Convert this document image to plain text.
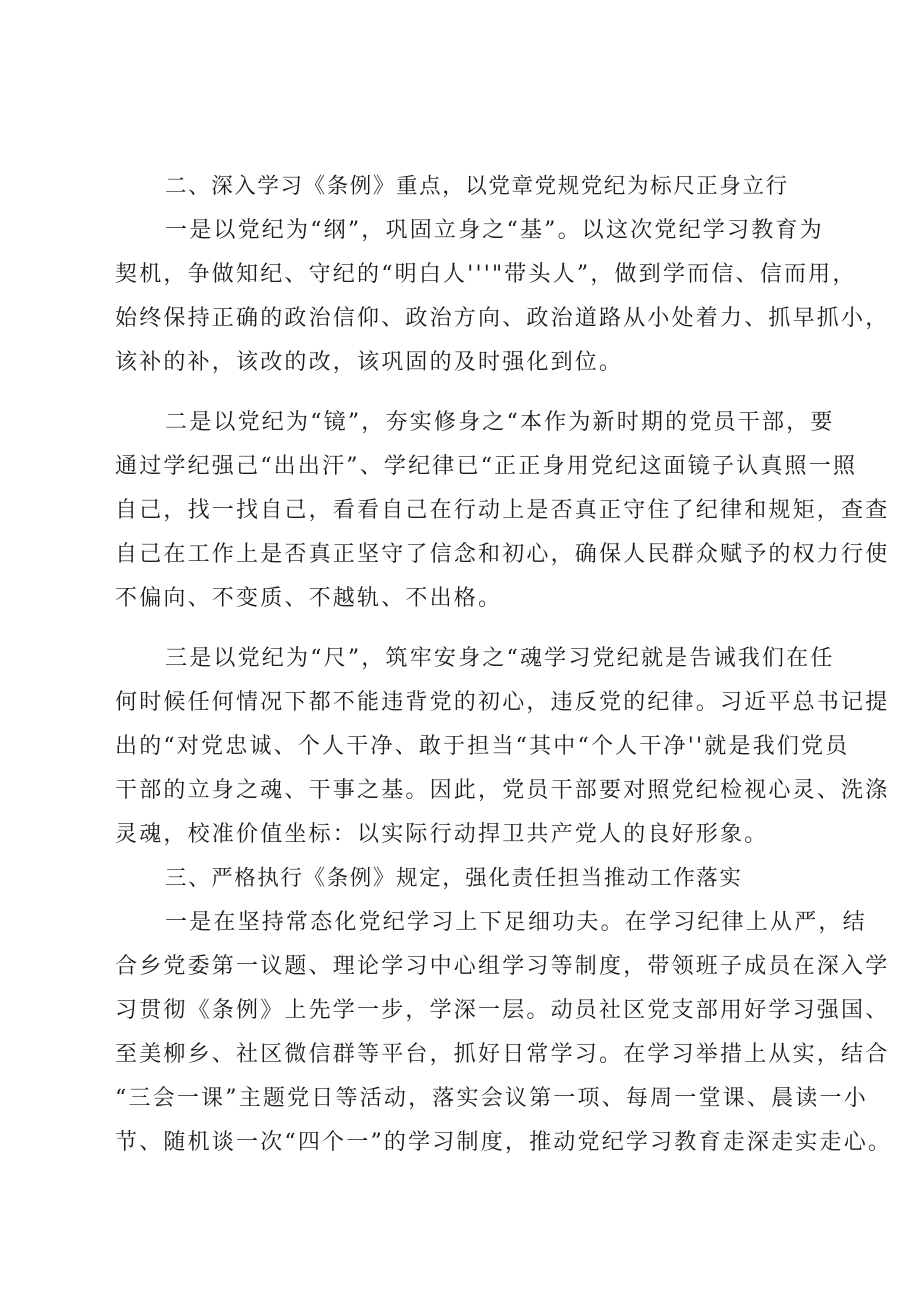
二、深入学习《条例》重点，以党章党规党纪为标尺正身立行
一是以党纪为“纲”，巩固立身之“基”。以这次党纪学习教育为
契机，争做知纪、守纪的“明白人'''"带头人”，做到学而信、信而用，
始终保持正确的政治信仰、政治方向、政治道路从小处着力、抓早抓小，
该补的补，该改的改，该巩固的及时强化到位。
二是以党纪为“镜”，夯实修身之“本作为新时期的党员干部，要
通过学纪强己“出出汗”、学纪律已“正正身用党纪这面镜子认真照一照
自己，找一找自己，看看自己在行动上是否真正守住了纪律和规矩，查查
自己在工作上是否真正坚守了信念和初心，确保人民群众赋予的权力行使
不偏向、不变质、不越轨、不出格。
三是以党纪为“尺”，筑牢安身之“魂学习党纪就是告诫我们在任
何时候任何情况下都不能违背党的初心，违反党的纪律。习近平总书记提
出的“对党忠诚、个人干净、敢于担当“其中“个人干净''就是我们党员
干部的立身之魂、干事之基。因此，党员干部要对照党纪检视心灵、洗涤
灵魂，校准价值坐标：以实际行动捍卫共产党人的良好形象。
三、严格执行《条例》规定，强化责任担当推动工作落实
一是在坚持常态化党纪学习上下足细功夫。在学习纪律上从严，结
合乡党委第一议题、理论学习中心组学习等制度，带领班子成员在深入学
习贯彻《条例》上先学一步，学深一层。动员社区党支部用好学习强国、
至美柳乡、社区微信群等平台，抓好日常学习。在学习举措上从实，结合
“三会一课”主题党日等活动，落实会议第一项、每周一堂课、晨读一小
节、随机谈一次“四个一”的学习制度，推动党纪学习教育走深走实走心。
